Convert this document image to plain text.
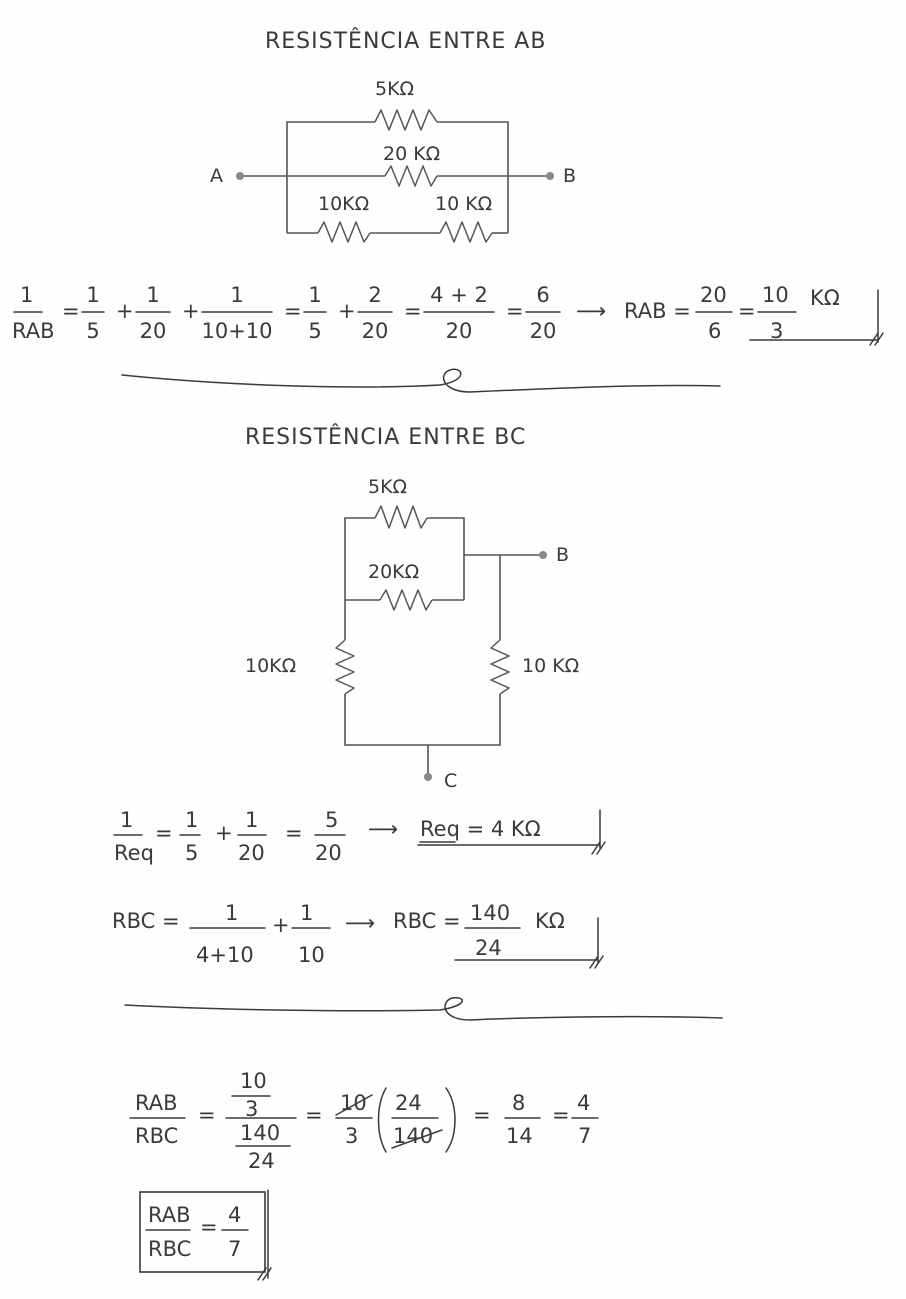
RESISTÊNCIA ENTRE AB
5KΩ
20 KΩ
10KΩ	10 KΩ
A	B
1
RAB
=
1
5
+
1
20
+
1
10+10
=
1
5
+
2
20
=
4 + 2
20
=
6
20
⟶ RAB =
20
6
=
10
3
KΩ
RESISTÊNCIA ENTRE BC
5KΩ
20KΩ
10KΩ	10 KΩ
B
C
1
Req
=
1
5
+
1
20
=
5
20
⟶ Req = 4 KΩ
RBC = 1
4+10
+ 1
10
⟶ RBC = 140
24
KΩ
RAB
RBC
=
10
3
140
24
= 10
3
24
140
= 8
14
= 4
7
RAB
RBC
= 4
7
